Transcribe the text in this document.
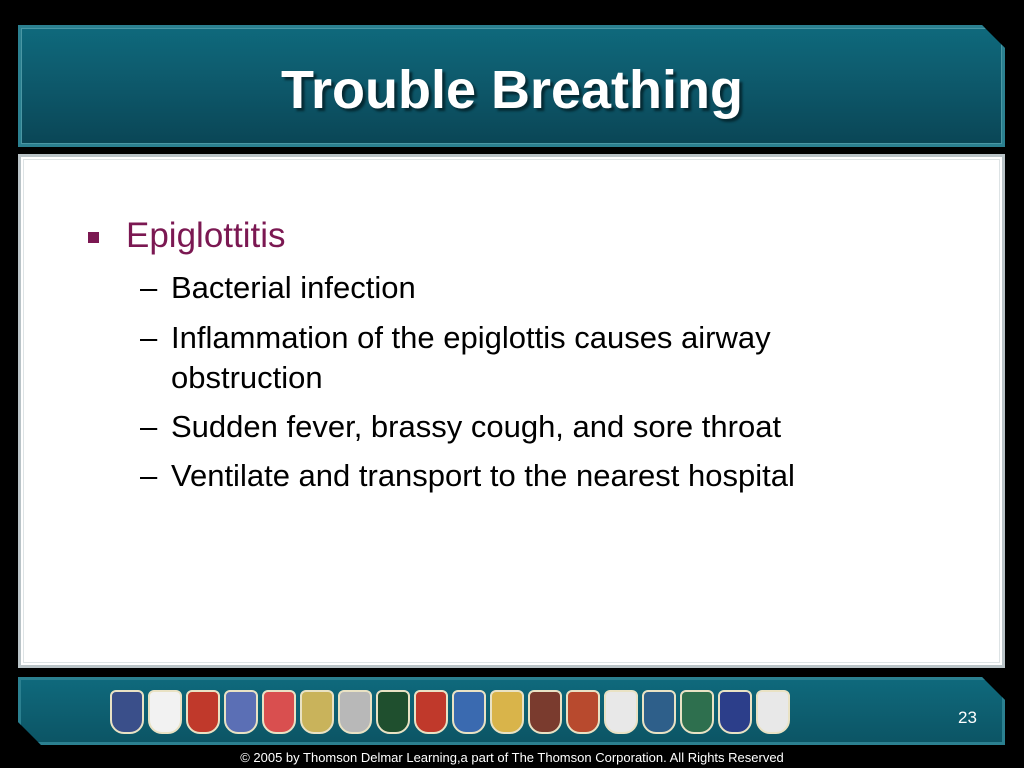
Trouble Breathing
Epiglottitis
– Bacterial infection
– Inflammation of the epiglottis causes airway obstruction
– Sudden fever, brassy cough, and sore throat
– Ventilate and transport to the nearest hospital
23
© 2005 by Thomson Delmar Learning,a part of The Thomson Corporation. All Rights Reserved
